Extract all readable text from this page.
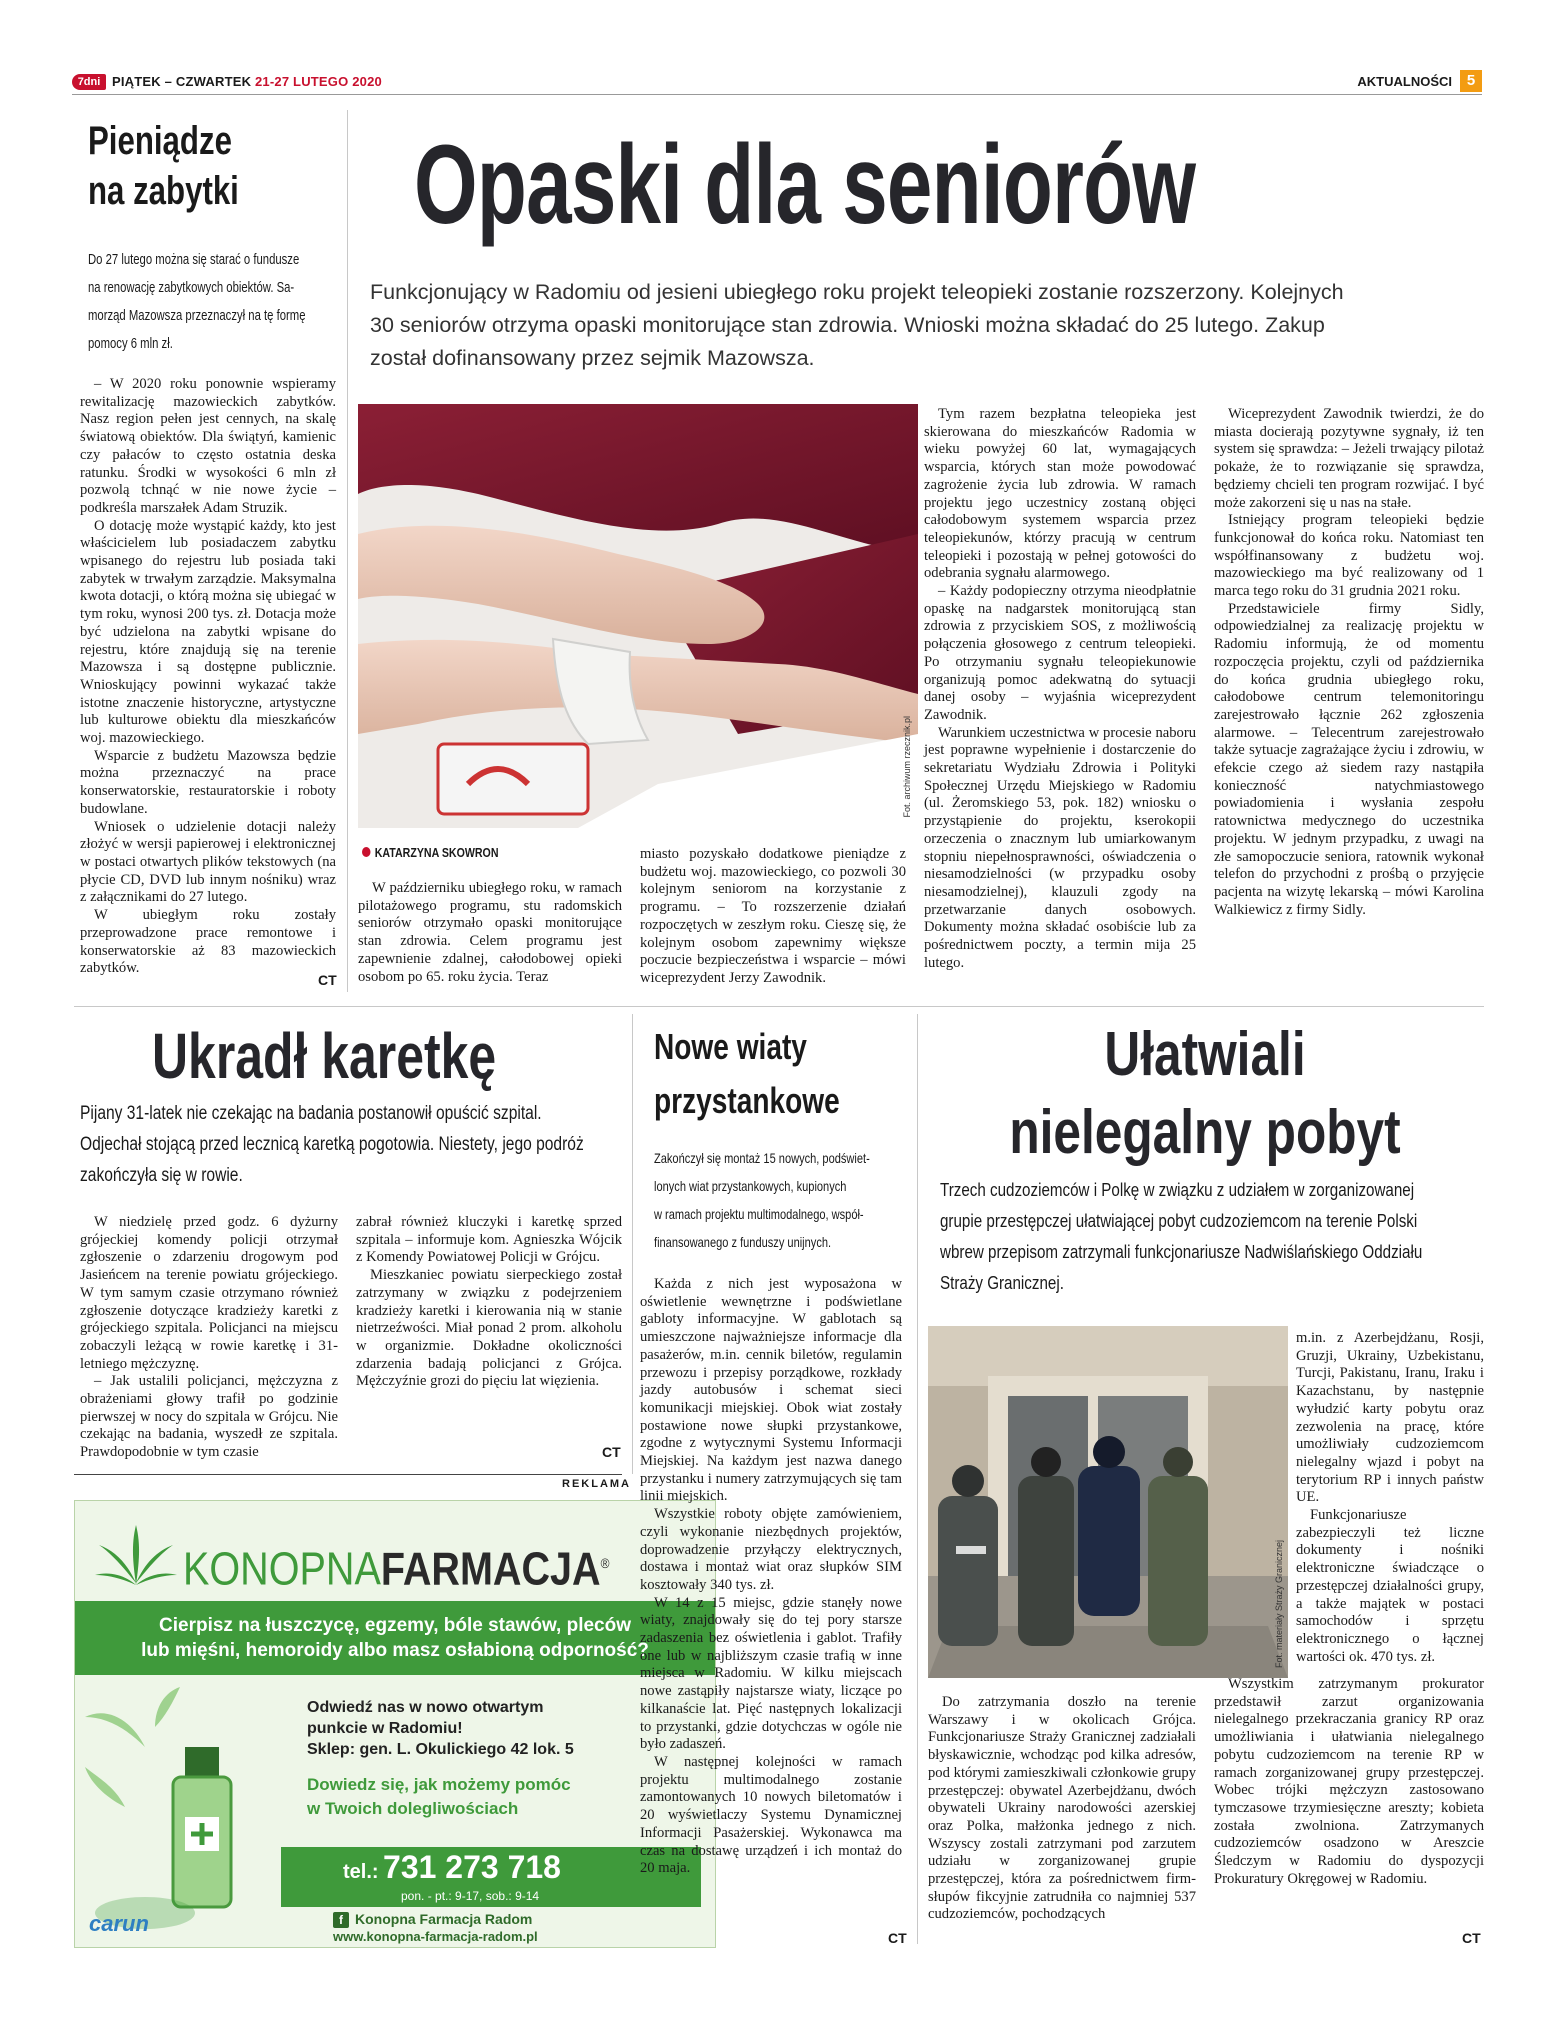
7dni PIĄTEK – CZWARTEK 21-27 LUTEGO 2020	AKTUALNOŚCI 5
Pieniądze
na zabytki
Do 27 lutego można się starać o fundusze
na renowację zabytkowych obiektów. Sa-
morząd Mazowsza przeznaczył na tę formę
pomocy 6 mln zł.

– W 2020 roku ponownie wspieramy rewitalizację mazowieckich zabytków. Nasz region pełen jest cennych, na skalę światową obiektów. Dla świątyń, kamienic czy pałaców to często ostatnia deska ratunku. Środki w wysokości 6 mln zł pozwolą tchnąć w nie nowe życie – podkreśla marszałek Adam Struzik.

O dotację może wystąpić każdy, kto jest właścicielem lub posiadaczem zabytku wpisanego do rejestru lub posiada taki zabytek w trwałym zarządzie. Maksymalna kwota dotacji, o którą można się ubiegać w tym roku, wynosi 200 tys. zł. Dotacja może być udzielona na zabytki wpisane do rejestru, które znajdują się na terenie Mazowsza i są dostępne publicznie. Wnioskujący powinni wykazać także istotne znaczenie historyczne, artystyczne lub kulturowe obiektu dla mieszkańców woj. mazowieckiego.

Wsparcie z budżetu Mazowsza będzie można przeznaczyć na prace konserwatorskie, restauratorskie i roboty budowlane.

Wniosek o udzielenie dotacji należy złożyć w wersji papierowej i elektronicznej w postaci otwartych plików tekstowych (na płycie CD, DVD lub innym nośniku) wraz z załącznikami do 27 lutego.

W ubiegłym roku zostały przeprowadzone prace remontowe i konserwatorskie aż 83 mazowieckich zabytków.

CT
Opaski dla seniorów
Funkcjonujący w Radomiu od jesieni ubiegłego roku projekt teleopieki zostanie rozszerzony. Kolejnych
30 seniorów otrzyma opaski monitorujące stan zdrowia. Wnioski można składać do 25 lutego. Zakup
został dofinansowany przez sejmik Mazowsza.
Fot. archiwum rzecznik.pl
KATARZYNA SKOWRON

W październiku ubiegłego roku, w ramach pilotażowego programu, stu radomskich seniorów otrzymało opaski monitorujące stan zdrowia. Celem programu jest zapewnienie zdalnej, całodobowej opieki osobom po 65. roku życia. Teraz

miasto pozyskało dodatkowe pieniądze z budżetu woj. mazowieckiego, co pozwoli 30 kolejnym seniorom na korzystanie z programu. – To rozszerzenie działań rozpoczętych w zeszłym roku. Cieszę się, że kolejnym osobom zapewnimy większe poczucie bezpieczeństwa i wsparcie – mówi wiceprezydent Jerzy Zawodnik.

Tym razem bezpłatna teleopieka jest skierowana do mieszkańców Radomia w wieku powyżej 60 lat, wymagających wsparcia, których stan może powodować zagrożenie życia lub zdrowia. W ramach projektu jego uczestnicy zostaną objęci całodobowym systemem wsparcia przez teleopiekunów, którzy pracują w centrum teleopieki i pozostają w pełnej gotowości do odebrania sygnału alarmowego.

– Każdy podopieczny otrzyma nieodpłatnie opaskę na nadgarstek monitorującą stan zdrowia z przyciskiem SOS, z możliwością połączenia głosowego z centrum teleopieki. Po otrzymaniu sygnału teleopiekunowie organizują pomoc adekwatną do sytuacji danej osoby – wyjaśnia wiceprezydent Zawodnik.

Warunkiem uczestnictwa w procesie naboru jest poprawne wypełnienie i dostarczenie do sekretariatu Wydziału Zdrowia i Polityki Społecznej Urzędu Miejskiego w Radomiu (ul. Żeromskiego 53, pok. 182) wniosku o przystąpienie do projektu, kserokopii orzeczenia o znacznym lub umiarkowanym stopniu niepełnosprawności, oświadczenia o niesamodzielności (w przypadku osoby niesamodzielnej), klauzuli zgody na przetwarzanie danych osobowych. Dokumenty można składać osobiście lub za pośrednictwem poczty, a termin mija 25 lutego.

Wiceprezydent Zawodnik twierdzi, że do miasta docierają pozytywne sygnały, iż ten system się sprawdza: – Jeżeli trwający pilotaż pokaże, że to rozwiązanie się sprawdza, będziemy chcieli ten program rozwijać. I być może zakorzeni się u nas na stałe.

Istniejący program teleopieki będzie funkcjonował do końca roku. Natomiast ten współfinansowany z budżetu woj. mazowieckiego ma być realizowany od 1 marca tego roku do 31 grudnia 2021 roku.

Przedstawiciele firmy Sidly, odpowiedzialnej za realizację projektu w Radomiu informują, że od momentu rozpoczęcia projektu, czyli od października do końca grudnia ubiegłego roku, całodobowe centrum telemonitoringu zarejestrowało łącznie 262 zgłoszenia alarmowe. – Telecentrum zarejestrowało także sytuacje zagrażające życiu i zdrowiu, w efekcie czego aż siedem razy nastąpiła konieczność natychmiastowego powiadomienia i wysłania zespołu ratownictwa medycznego do uczestnika projektu. W jednym przypadku, z uwagi na złe samopoczucie seniora, ratownik wykonał telefon do przychodni z prośbą o przyjęcie pacjenta na wizytę lekarską – mówi Karolina Walkiewicz z firmy Sidly.

Ukradł karetkę
Pijany 31-latek nie czekając na badania postanowił opuścić szpital.
Odjechał stojącą przed lecznicą karetką pogotowia. Niestety, jego podróż
zakończyła się w rowie.

W niedzielę przed godz. 6 dyżurny grójeckiej komendy policji otrzymał zgłoszenie o zdarzeniu drogowym pod Jasieńcem na terenie powiatu grójeckiego. W tym samym czasie otrzymano również zgłoszenie dotyczące kradzieży karetki z grójeckiego szpitala. Policjanci na miejscu zobaczyli leżącą w rowie karetkę i 31-letniego mężczyznę.

– Jak ustalili policjanci, mężczyzna z obrażeniami głowy trafił po godzinie pierwszej w nocy do szpitala w Grójcu. Nie czekając na badania, wyszedł ze szpitala. Prawdopodobnie w tym czasie

zabrał również kluczyki i karetkę sprzed szpitala – informuje kom. Agnieszka Wójcik z Komendy Powiatowej Policji w Grójcu.

Mieszkaniec powiatu sierpeckiego został zatrzymany w związku z podejrzeniem kradzieży karetki i kierowania nią w stanie nietrzeźwości. Miał ponad 2 prom. alkoholu w organizmie. Dokładne okoliczności zdarzenia badają policjanci z Grójca. Mężczyźnie grozi do pięciu lat więzienia.

CT
REKLAMA
KONOPNAFARMACJA®
Cierpisz na łuszczycę, egzemy, bóle stawów, pleców
lub mięśni, hemoroidy albo masz osłabioną odporność?
Odwiedź nas w nowo otwartym
punkcie w Radomiu!
Sklep: gen. L. Okulickiego 42 lok. 5
Dowiedz się, jak możemy pomóc
w Twoich dolegliwościach
tel.: 731 273 718
pon. - pt.: 9-17, sob.: 9-14
f Konopna Farmacja Radom
www.konopna-farmacja-radom.pl
carun
Nowe wiaty
przystankowe
Zakończył się montaż 15 nowych, podświet-
lonych wiat przystankowych, kupionych
w ramach projektu multimodalnego, współ-
finansowanego z funduszy unijnych.

Każda z nich jest wyposażona w oświetlenie wewnętrzne i podświetlane gabloty informacyjne. W gablotach są umieszczone najważniejsze informacje dla pasażerów, m.in. cennik biletów, regulamin przewozu i przepisy porządkowe, rozkłady jazdy autobusów i schemat sieci komunikacji miejskiej. Obok wiat zostały postawione nowe słupki przystankowe, zgodne z wytycznymi Systemu Informacji Miejskiej. Na każdym jest nazwa danego przystanku i numery zatrzymujących się tam linii miejskich.

Wszystkie roboty objęte zamówieniem, czyli wykonanie niezbędnych projektów, doprowadzenie przyłączy elektrycznych, dostawa i montaż wiat oraz słupków SIM kosztowały 340 tys. zł.

W 14 z 15 miejsc, gdzie stanęły nowe wiaty, znajdowały się do tej pory starsze zadaszenia bez oświetlenia i gablot. Trafiły one lub w najbliższym czasie trafią w inne miejsca w Radomiu. W kilku miejscach nowe zastąpiły najstarsze wiaty, liczące po kilkanaście lat. Pięć następnych lokalizacji to przystanki, gdzie dotychczas w ogóle nie było zadaszeń.

W następnej kolejności w ramach projektu multimodalnego zostanie zamontowanych 10 nowych biletomatów i 20 wyświetlaczy Systemu Dynamicznej Informacji Pasażerskiej. Wykonawca ma czas na dostawę urządzeń i ich montaż do 20 maja.

CT
Ułatwiali
nielegalny pobyt
Trzech cudzoziemców i Polkę w związku z udziałem w zorganizowanej
grupie przestępczej ułatwiającej pobyt cudzoziemcom na terenie Polski
wbrew przepisom zatrzymali funkcjonariusze Nadwiślańskiego Oddziału
Straży Granicznej.
Fot. materiały Straży Granicznej

m.in. z Azerbejdżanu, Rosji, Gruzji, Ukrainy, Uzbekistanu, Turcji, Pakistanu, Iranu, Iraku i Kazachstanu, by następnie wyłudzić karty pobytu oraz zezwolenia na pracę, które umożliwiały cudzoziemcom nielegalny wjazd i pobyt na terytorium RP i innych państw UE.

Funkcjonariusze zabezpieczyli też liczne dokumenty i nośniki elektroniczne świadczące o przestępczej działalności grupy, a także majątek w postaci samochodów i sprzętu elektronicznego o łącznej wartości ok. 470 tys. zł.

Do zatrzymania doszło na terenie Warszawy i w okolicach Grójca. Funkcjonariusze Straży Granicznej zadziałali błyskawicznie, wchodząc pod kilka adresów, pod którymi zamieszkiwali członkowie grupy przestępczej: obywatel Azerbejdżanu, dwóch obywateli Ukrainy narodowości azerskiej oraz Polka, małżonka jednego z nich. Wszyscy zostali zatrzymani pod zarzutem udziału w zorganizowanej grupie przestępczej, która za pośrednictwem firm-słupów fikcyjnie zatrudniła co najmniej 537 cudzoziemców, pochodzących

Wszystkim zatrzymanym prokurator przedstawił zarzut organizowania nielegalnego przekraczania granicy RP oraz umożliwiania i ułatwiania nielegalnego pobytu cudzoziemcom na terenie RP w ramach zorganizowanej grupy przestępczej. Wobec trójki mężczyzn zastosowano tymczasowe trzymiesięczne areszty; kobieta została zwolniona. Zatrzymanych cudzoziemców osadzono w Areszcie Śledczym w Radomiu do dyspozycji Prokuratury Okręgowej w Radomiu.

CT
